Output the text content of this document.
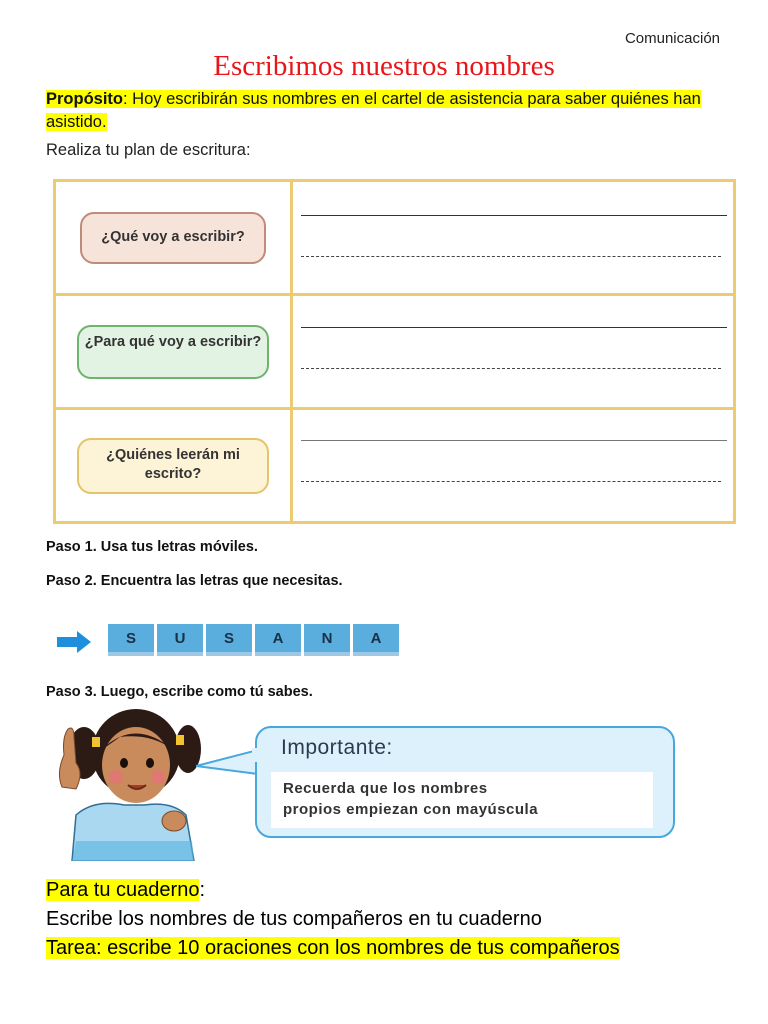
Comunicación
Escribimos nuestros nombres
Propósito: Hoy escribirán sus nombres en el cartel de asistencia para saber quiénes han asistido.
Realiza tu plan de escritura:
¿Qué voy a escribir?	

¿Para qué voy a escribir?	

¿Quiénes leerán mi escrito?	

Paso 1. Usa tus letras móviles.
Paso 2. Encuentra las letras que necesitas.
S	U	S	A	N	A
Paso 3. Luego, escribe como tú sabes.
Importante:
Recuerda que los nombres
propios empiezan con mayúscula
Para tu cuaderno:
Escribe los nombres de tus compañeros en tu cuaderno
Tarea: escribe 10 oraciones con los nombres de tus compañeros
